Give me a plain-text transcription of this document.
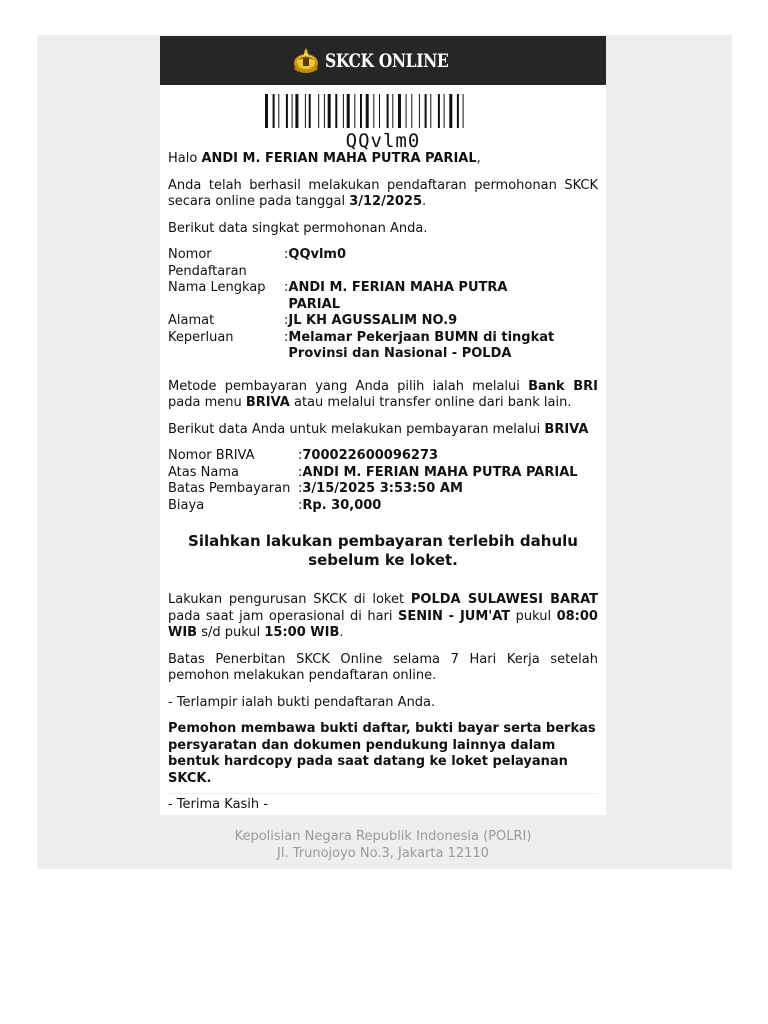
SKCK ONLINE
QQvlm0

Halo ANDI M. FERIAN MAHA PUTRA PARIAL,

Anda telah berhasil melakukan pendaftaran permohonan SKCK secara online pada tanggal 3/12/2025.

Berikut data singkat permohonan Anda.

Nomor Pendaftaran	:	QQvlm0
Nama Lengkap	:	ANDI M. FERIAN MAHA PUTRA PARIAL
Alamat	:	JL KH AGUSSALIM NO.9
Keperluan	:	Melamar Pekerjaan BUMN di tingkat Provinsi dan Nasional - POLDA

Metode pembayaran yang Anda pilih ialah melalui Bank BRI pada menu BRIVA atau melalui transfer online dari bank lain.

Berikut data Anda untuk melakukan pembayaran melalui BRIVA

Nomor BRIVA	:	700022600096273
Atas Nama	:	ANDI M. FERIAN MAHA PUTRA PARIAL
Batas Pembayaran	:	3/15/2025 3:53:50 AM
Biaya	:	Rp. 30,000

Silahkan lakukan pembayaran terlebih dahulu sebelum ke loket.

Lakukan pengurusan SKCK di loket POLDA SULAWESI BARAT pada saat jam operasional di hari SENIN - JUM'AT pukul 08:00 WIB s/d pukul 15:00 WIB.

Batas Penerbitan SKCK Online selama 7 Hari Kerja setelah pemohon melakukan pendaftaran online.

- Terlampir ialah bukti pendaftaran Anda.

Pemohon membawa bukti daftar, bukti bayar serta berkas persyaratan dan dokumen pendukung lainnya dalam bentuk hardcopy pada saat datang ke loket pelayanan SKCK.

- Terima Kasih -

Kepolisian Negara Republik Indonesia (POLRI)
Jl. Trunojoyo No.3, Jakarta 12110
